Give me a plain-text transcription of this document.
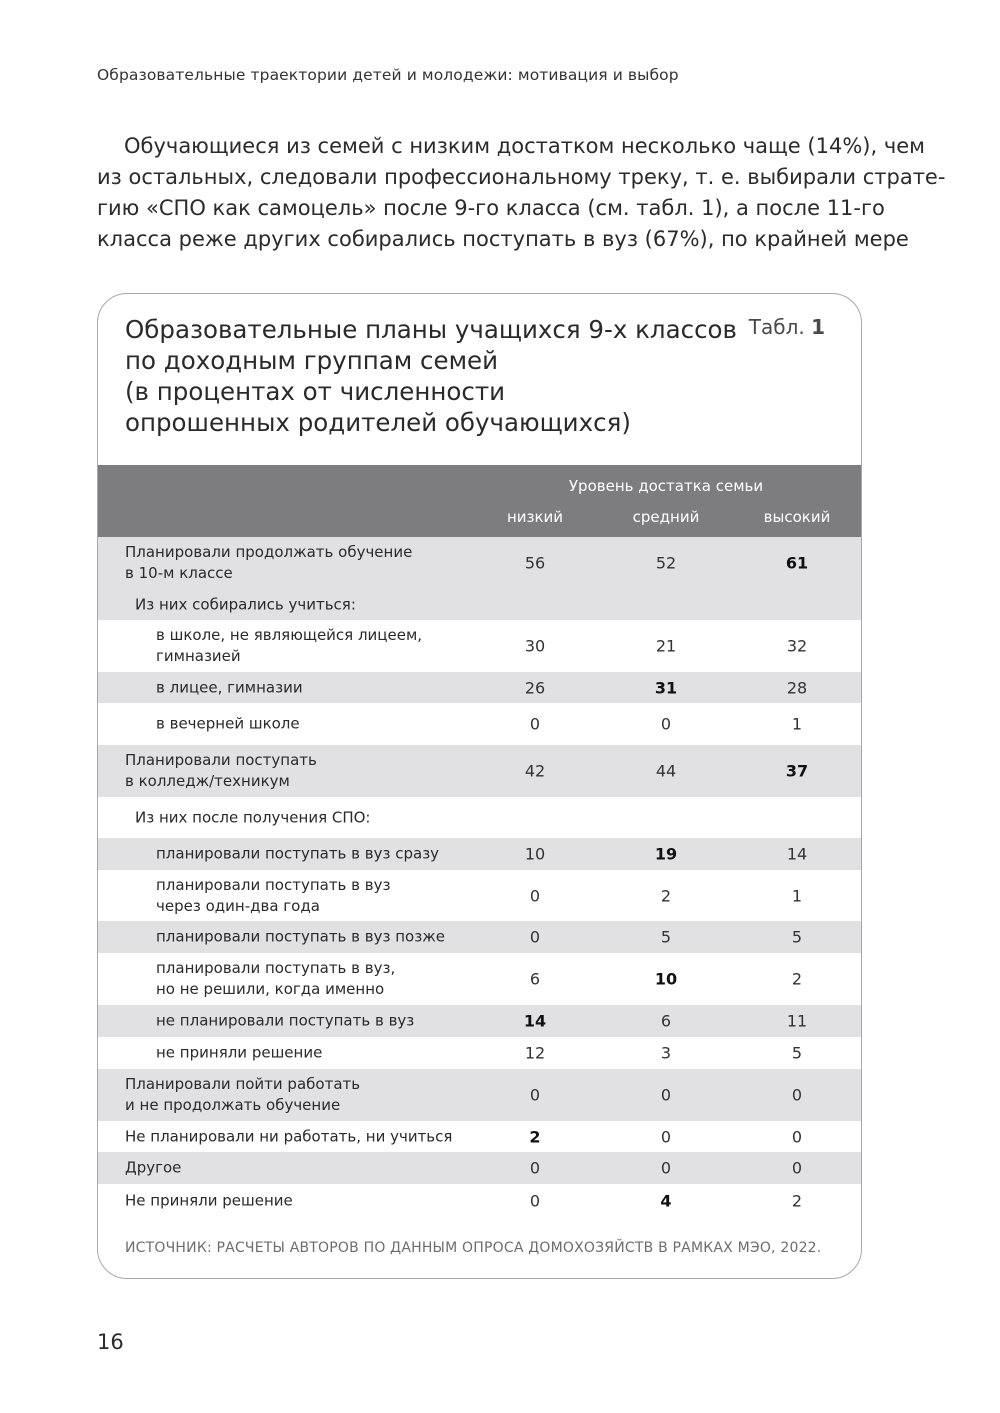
Образовательные траектории детей и молодежи: мотивация и выбор

Обучающиеся из семей с низким достатком несколько чаще (14%), чем
из остальных, следовали профессиональному треку, т. е. выбирали страте-
гию «СПО как самоцель» после 9-го класса (см. табл. 1), а после 11-го
класса реже других собирались поступать в вуз (67%), по крайней мере

Образовательные планы учащихся 9-х классов
по доходным группам семей
(в процентах от численности
опрошенных родителей обучающихся)
Табл. 1
Уровень достатка семьи
низкий	средний	высокий
Планировали продолжать обучение
в 10-м классе
56	52	61
Из них собирались учиться:
в школе, не являющейся лицеем,
гимназией
30	21	32
в лицее, гимназии	26	31	28
в вечерней школе	0	0	1
Планировали поступать
в колледж/техникум
42	44	37
Из них после получения СПО:
планировали поступать в вуз сразу	10	19	14
планировали поступать в вуз
через один-два года
0	2	1
планировали поступать в вуз позже	0	5	5
планировали поступать в вуз,
но не решили, когда именно
6	10	2
не планировали поступать в вуз	14	6	11
не приняли решение	12	3	5
Планировали пойти работать
и не продолжать обучение
0	0	0
Не планировали ни работать, ни учиться	2	0	0
Другое	0	0	0
Не приняли решение	0	4	2
ИСТОЧНИК: РАСЧЕТЫ АВТОРОВ ПО ДАННЫМ ОПРОСА ДОМОХОЗЯЙСТВ В РАМКАХ МЭО, 2022.
16
